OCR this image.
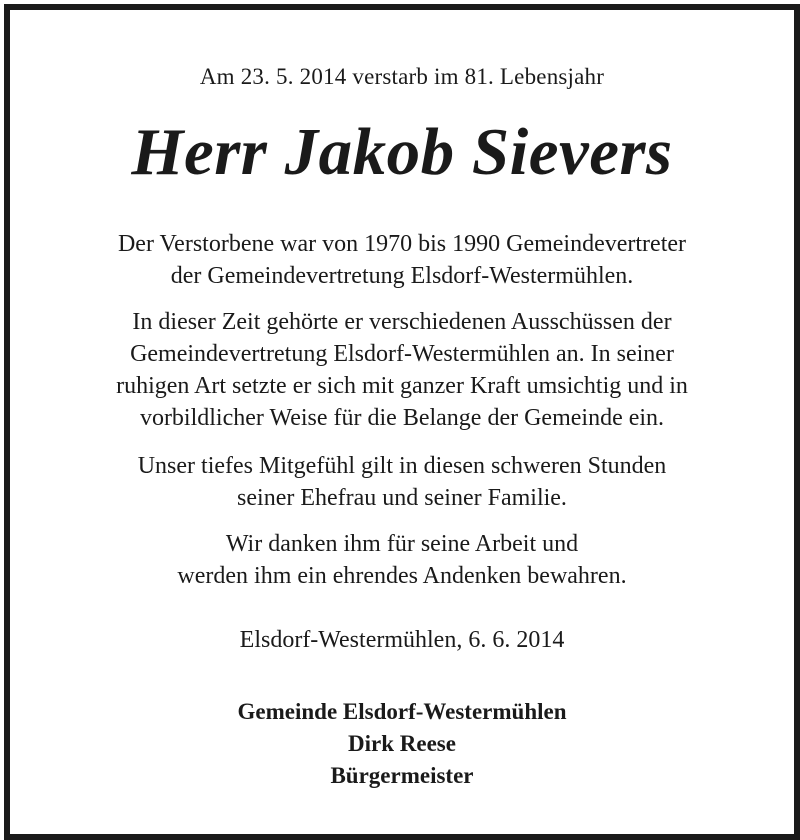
Am 23. 5. 2014 verstarb im 81. Lebensjahr
Herr Jakob Sievers
Der Verstorbene war von 1970 bis 1990 Gemeindevertreter
der Gemeindevertretung Elsdorf-Westermühlen.
In dieser Zeit gehörte er verschiedenen Ausschüssen der
Gemeindevertretung Elsdorf-Westermühlen an. In seiner
ruhigen Art setzte er sich mit ganzer Kraft umsichtig und in
vorbildlicher Weise für die Belange der Gemeinde ein.
Unser tiefes Mitgefühl gilt in diesen schweren Stunden
seiner Ehefrau und seiner Familie.
Wir danken ihm für seine Arbeit und
werden ihm ein ehrendes Andenken bewahren.
Elsdorf-Westermühlen, 6. 6. 2014
Gemeinde Elsdorf-Westermühlen
Dirk Reese
Bürgermeister
